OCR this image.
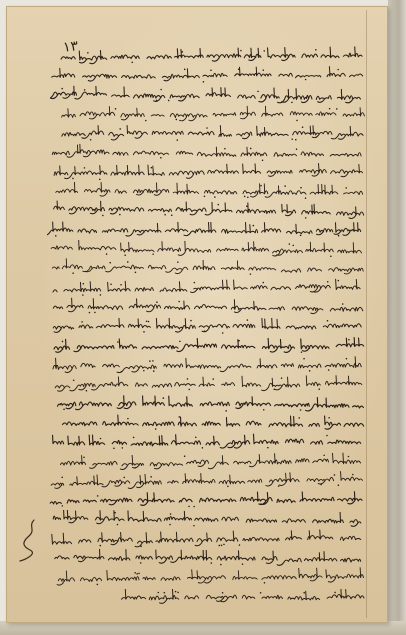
١٣
